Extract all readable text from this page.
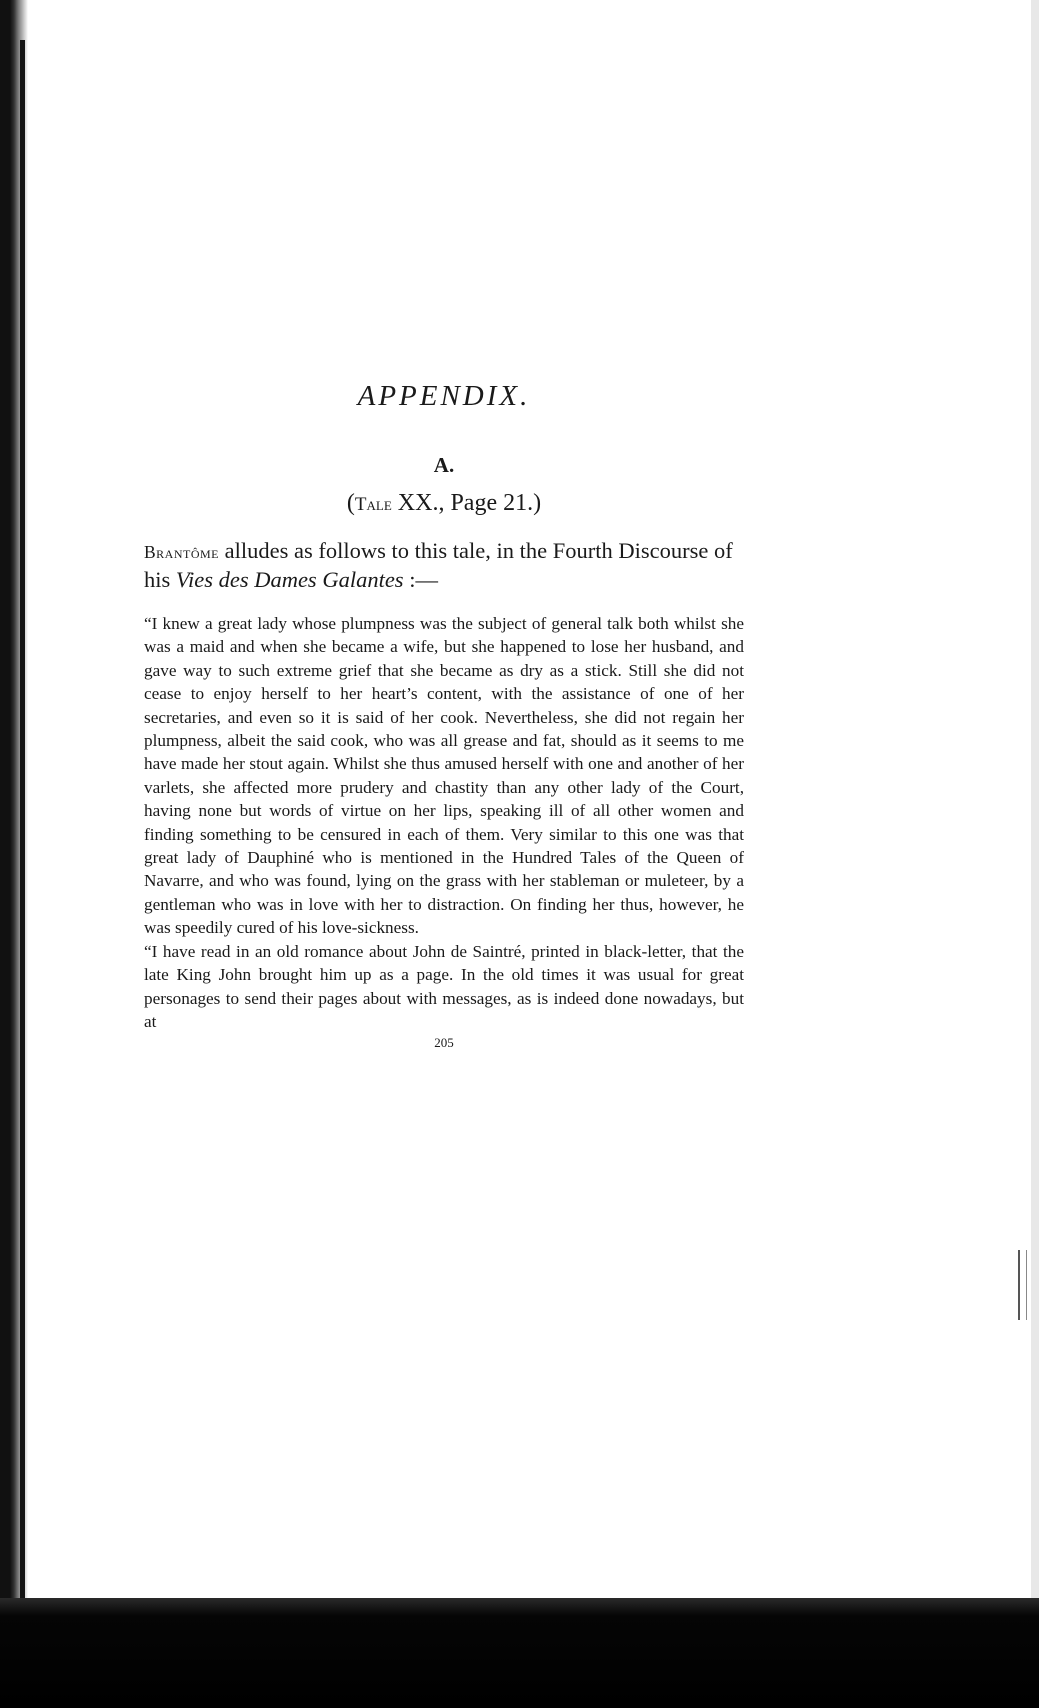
APPENDIX.
A.
(Tale XX., Page 21.)

Brantôme alludes as follows to this tale, in the Fourth Discourse of his Vies des Dames Galantes :—

“I knew a great lady whose plumpness was the subject of general talk both whilst she was a maid and when she became a wife, but she happened to lose her husband, and gave way to such extreme grief that she became as dry as a stick. Still she did not cease to enjoy herself to her heart’s content, with the assistance of one of her secretaries, and even so it is said of her cook. Nevertheless, she did not regain her plumpness, albeit the said cook, who was all grease and fat, should as it seems to me have made her stout again. Whilst she thus amused herself with one and another of her varlets, she affected more prudery and chastity than any other lady of the Court, having none but words of virtue on her lips, speaking ill of all other women and finding something to be censured in each of them. Very similar to this one was that great lady of Dauphiné who is mentioned in the Hundred Tales of the Queen of Navarre, and who was found, lying on the grass with her stableman or muleteer, by a gentleman who was in love with her to distraction. On finding her thus, however, he was speedily cured of his love-sickness.

“I have read in an old romance about John de Saintré, printed in black-letter, that the late King John brought him up as a page. In the old times it was usual for great personages to send their pages about with messages, as is indeed done nowadays, but at

205
